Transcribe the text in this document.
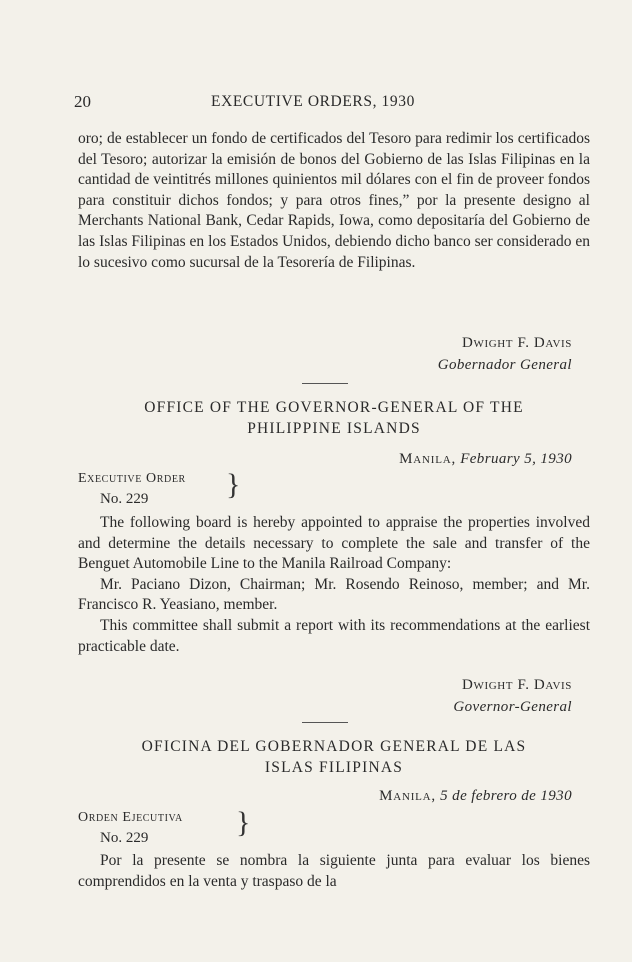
20	EXECUTIVE ORDERS, 1930
oro; de establecer un fondo de certificados del Tesoro para redimir los certificados del Tesoro; autorizar la emisión de bonos del Gobierno de las Islas Filipinas en la cantidad de veintitrés millones quinientos mil dólares con el fin de proveer fondos para constituir dichos fondos; y para otros fines,” por la presente designo al Merchants National Bank, Cedar Rapids, Iowa, como depositaría del Gobierno de las Islas Filipinas en los Estados Unidos, debiendo dicho banco ser considerado en lo sucesivo como sucursal de la Tesorería de Filipinas.
Dwight F. Davis
Gobernador General
OFFICE OF THE GOVERNOR-GENERAL OF THE
PHILIPPINE ISLANDS
Manila, February 5, 1930
Executive Order
No. 229	}
The following board is hereby appointed to appraise the properties involved and determine the details necessary to complete the sale and transfer of the Benguet Automobile Line to the Manila Railroad Company:
Mr. Paciano Dizon, Chairman; Mr. Rosendo Reinoso, member; and Mr. Francisco R. Yeasiano, member.
This committee shall submit a report with its recommendations at the earliest practicable date.
Dwight F. Davis
Governor-General
OFICINA DEL GOBERNADOR GENERAL DE LAS
ISLAS FILIPINAS
Manila, 5 de febrero de 1930
Orden Ejecutiva
No. 229	}
Por la presente se nombra la siguiente junta para evaluar los bienes comprendidos en la venta y traspaso de la
